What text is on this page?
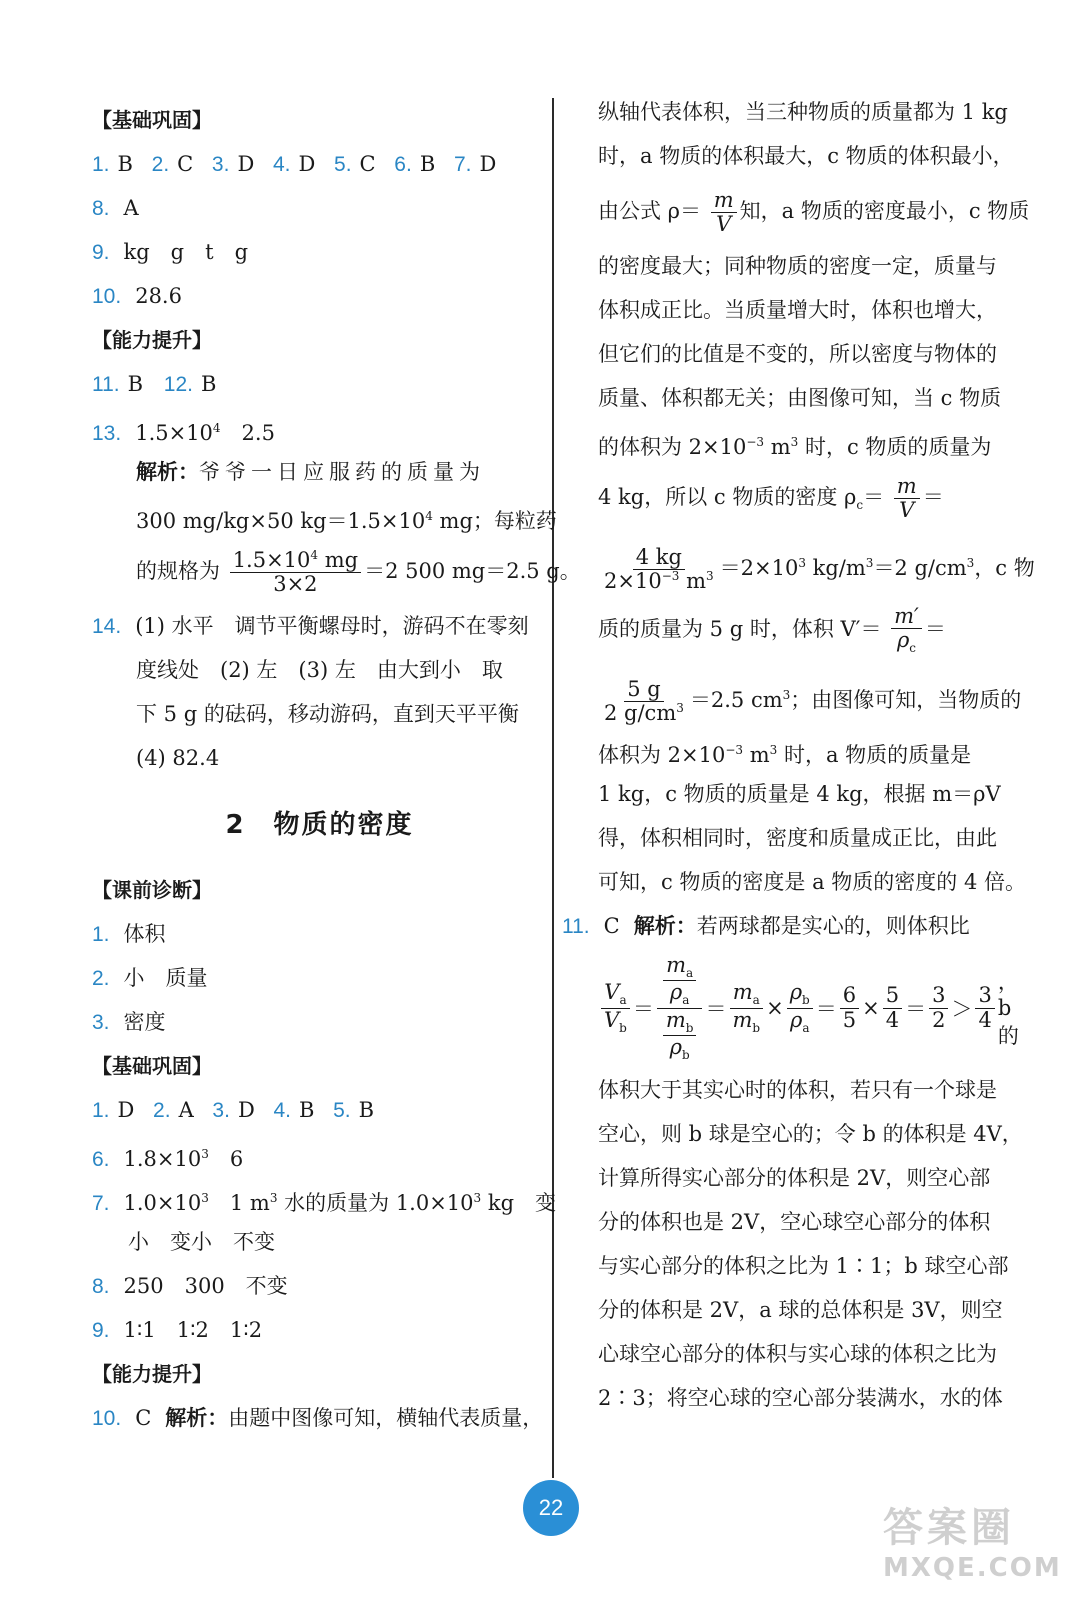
【基础巩固】
1. B 2. C 3. D 4. D 5. C 6. B 7. D
8. A
9. kg　g　t　g
10. 28.6
【能力提升】
11. B 12. B
13. $1.5\times 10^4$　2.5
解析：爷爷一日应服药的质量为
300 mg/kg×50 $kg=1.5\times 10^4$ mg；每粒药
的规格为 $\frac{1.5\times 10^4 mg}{3\times 2} =2$ 500 mg＝2.5 g。
14. (1) 水平　调节平衡螺母时，游码不在零刻
度线处　(2) 左　(3) 左　由大到小　取
下 5 g 的砝码，移动游码，直到天平平衡
(4) 82.4
2　物质的密度
【课前诊断】
1. 体积
2. 小　质量
3. 密度
【基础巩固】
1. D 2. A 3. D 4. B 5. B
6. $1.8\times 10^3$　6
7. $1.0\times 10^3$　1 $m^3$ 水的质量为 $1.0\times 10^3$ kg　变
小　变小　不变
8. 250　300　不变
9. 1∶1　1∶2　1∶2
【能力提升】
10. C 解析：由题中图像可知，横轴代表质量，
纵轴代表体积，当三种物质的质量都为 1 kg
时，a 物质的体积最大，c 物质的体积最小，
由公式 $\rho= \frac{m}{V}$ 知，a 物质的密度最小，c 物质
的密度最大；同种物质的密度一定，质量与
体积成正比。当质量增大时，体积也增大，
但它们的比值是不变的，所以密度与物体的
质量、体积都无关；由图像可知，当 c 物质
的体积为 $2\times 10^{-3}$ $m^3$ 时，c 物质的质量为
4 kg，所以 c 物质的密度 $\rho_c= \frac{m}{V}$ ＝
$\frac{4 kg}{2\times 10^{-3} m^3} =2\times 10^3$ $kg/m^3=2$ $g/cm^3$，c 物
质的质量为 5 g 时，体积 $V'= \frac{m'}{\rho_c}$ ＝
$\frac{5 g}{2 g/cm^3} =2.5$ $cm^3$；由图像可知，当物质的
体积为 $2\times 10^{-3}$ $m^3$ 时，a 物质的质量是
1 kg，c 物质的质量是 4 kg，根据 m＝ρV
得，体积相同时，密度和质量成正比，由此
可知，c 物质的密度是 a 物质的密度的 4 倍。
11. C 解析：若两球都是实心的，则体积比
$\frac{V_a}{V_b} = \frac{\frac{m_a}{\rho_a}}{\frac{m_b}{\rho_b}} = \frac{m_a}{m_b} \times \frac{\rho_b}{\rho_a} = \frac{6}{5} \times \frac{5}{4} = \frac{3}{2} > \frac{3}{4}$
，b 的
体积大于其实心时的体积，若只有一个球是
空心，则 b 球是空心的；令 b 的体积是 4V，
计算所得实心部分的体积是 2V，则空心部
分的体积也是 2V，空心球空心部分的体积
与实心部分的体积之比为 1∶1；b 球空心部
分的体积是 2V，a 球的总体积是 3V，则空
心球空心部分的体积与实心球的体积之比为
2∶3；将空心球的空心部分装满水，水的体
22	答案圈
MXQE.COM
